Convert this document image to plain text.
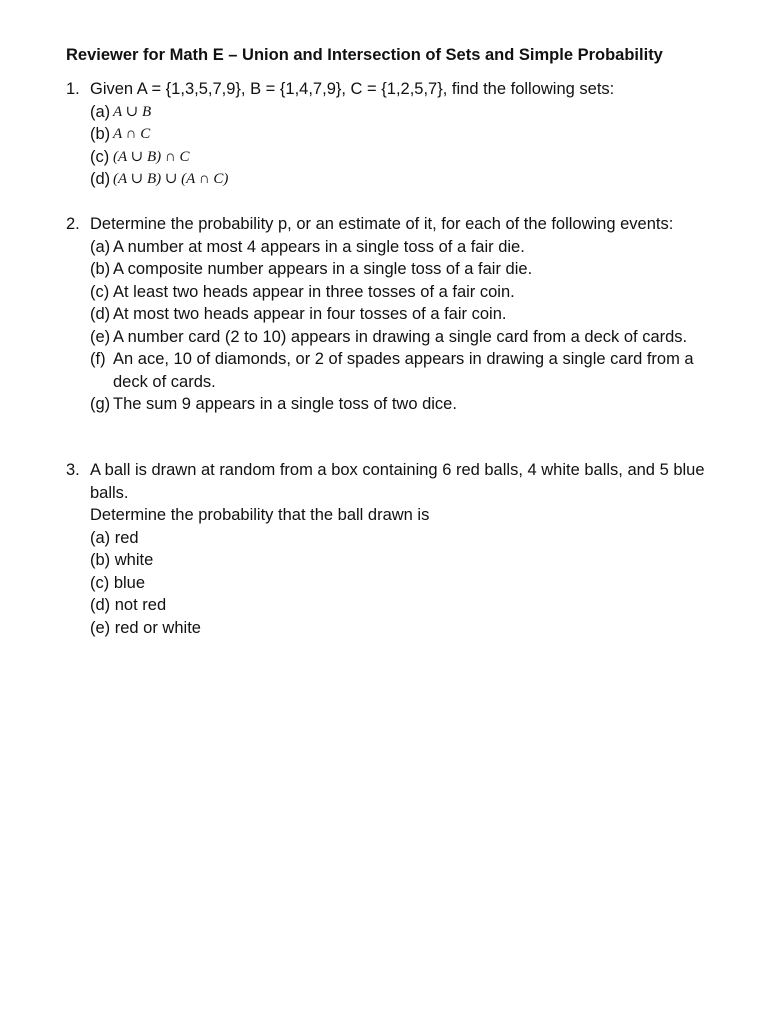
Reviewer for Math E – Union and Intersection of Sets and Simple Probability
1. Given A = {1,3,5,7,9}, B = {1,4,7,9}, C = {1,2,5,7}, find the following sets:
(a) A ∪ B
(b) A ∩ C
(c) (A ∪ B) ∩ C
(d) (A ∪ B) ∪ (A ∩ C)
2. Determine the probability p, or an estimate of it, for each of the following events:
(a) A number at most 4 appears in a single toss of a fair die.
(b) A composite number appears in a single toss of a fair die.
(c) At least two heads appear in three tosses of a fair coin.
(d) At most two heads appear in four tosses of a fair coin.
(e) A number card (2 to 10) appears in drawing a single card from a deck of cards.
(f) An ace, 10 of diamonds, or 2 of spades appears in drawing a single card from a deck of cards.
(g) The sum 9 appears in a single toss of two dice.
3. A ball is drawn at random from a box containing 6 red balls, 4 white balls, and 5 blue balls.
Determine the probability that the ball drawn is
(a) red
(b) white
(c) blue
(d) not red
(e) red or white
